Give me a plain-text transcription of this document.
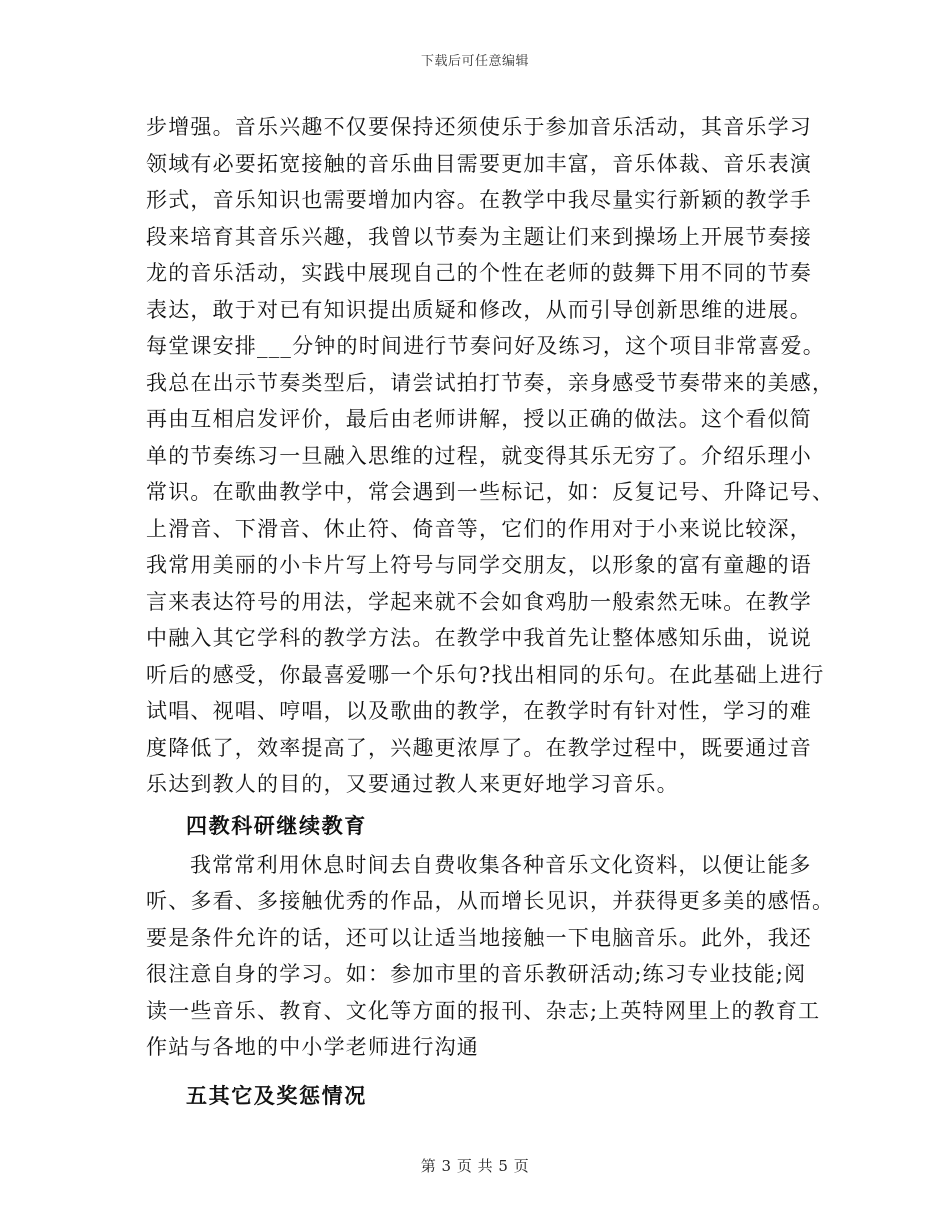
下载后可任意编辑
步增强。音乐兴趣不仅要保持还须使乐于参加音乐活动，其音乐学习
领域有必要拓宽接触的音乐曲目需要更加丰富，音乐体裁、音乐表演
形式，音乐知识也需要增加内容。在教学中我尽量实行新颖的教学手
段来培育其音乐兴趣，我曾以节奏为主题让们来到操场上开展节奏接
龙的音乐活动，实践中展现自己的个性在老师的鼓舞下用不同的节奏
表达，敢于对已有知识提出质疑和修改，从而引导创新思维的进展。
每堂课安排___分钟的时间进行节奏问好及练习，这个项目非常喜爱。
我总在出示节奏类型后，请尝试拍打节奏，亲身感受节奏带来的美感，
再由互相启发评价，最后由老师讲解，授以正确的做法。这个看似简
单的节奏练习一旦融入思维的过程，就变得其乐无穷了。介绍乐理小
常识。在歌曲教学中，常会遇到一些标记，如：反复记号、升降记号、
上滑音、下滑音、休止符、倚音等，它们的作用对于小来说比较深，
我常用美丽的小卡片写上符号与同学交朋友，以形象的富有童趣的语
言来表达符号的用法，学起来就不会如食鸡肋一般索然无味。在教学
中融入其它学科的教学方法。在教学中我首先让整体感知乐曲，说说
听后的感受，你最喜爱哪一个乐句?找出相同的乐句。在此基础上进行
试唱、视唱、哼唱，以及歌曲的教学，在教学时有针对性，学习的难
度降低了，效率提高了，兴趣更浓厚了。在教学过程中，既要通过音
乐达到教人的目的，又要通过教人来更好地学习音乐。
四教科研继续教育
我常常利用休息时间去自费收集各种音乐文化资料，以便让能多
听、多看、多接触优秀的作品，从而增长见识，并获得更多美的感悟。
要是条件允许的话，还可以让适当地接触一下电脑音乐。此外，我还
很注意自身的学习。如：参加市里的音乐教研活动;练习专业技能;阅
读一些音乐、教育、文化等方面的报刊、杂志;上英特网里上的教育工
作站与各地的中小学老师进行沟通
五其它及奖惩情况
第 3 页 共 5 页
